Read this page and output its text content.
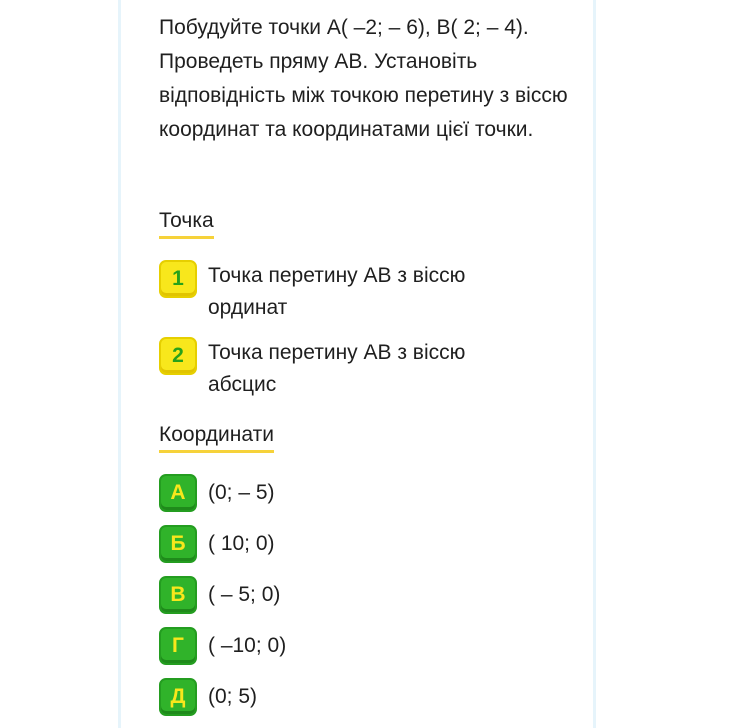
Побудуйте точки А( –2; – 6), В( 2; – 4). Проведеть пряму АВ. Установіть відповідність між точкою перетину з віссю координат та координатами цієї точки.

Точка
1	Точка перетину АВ з віссю ординат
2	Точка перетину АВ з віссю абсцис
Координати
А	(0; – 5)
Б	( 10; 0)
В	( – 5; 0)
Г	( –10; 0)
Д	(0; 5)
